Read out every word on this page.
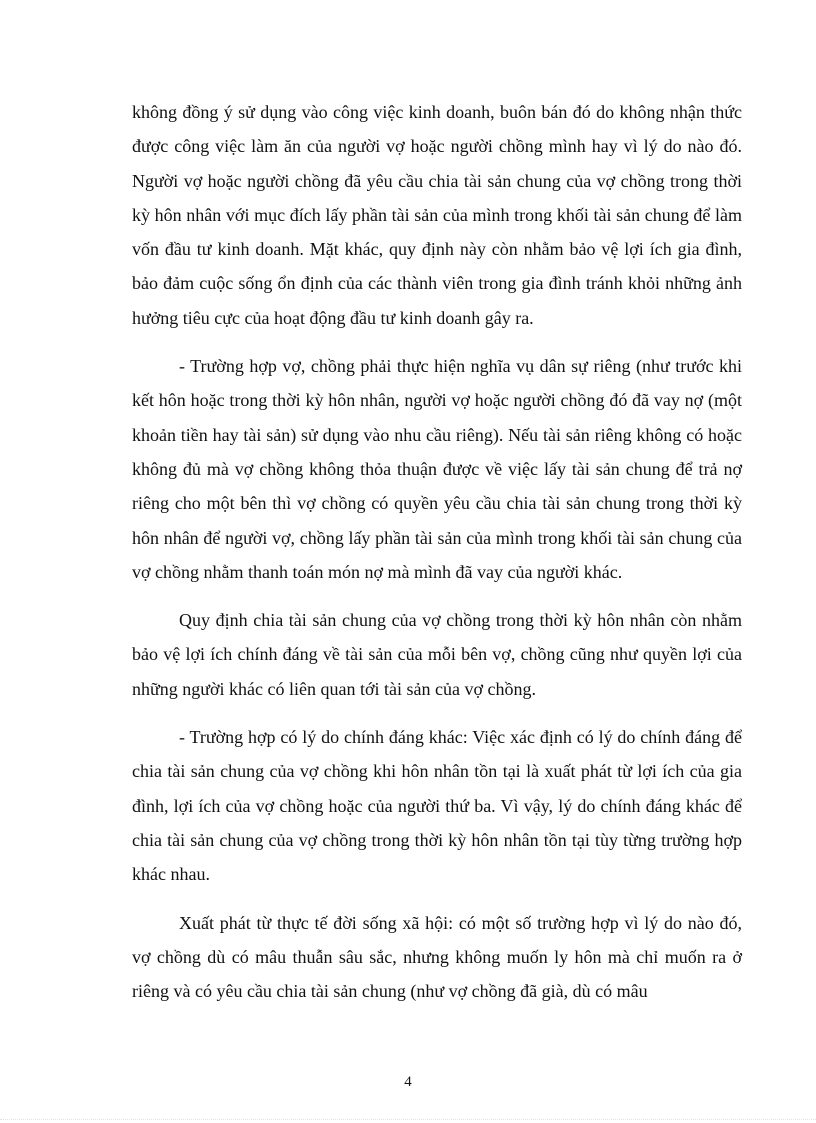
không đồng ý sử dụng vào công việc kinh doanh, buôn bán đó do không nhận thức được công việc làm ăn của người vợ hoặc người chồng mình hay vì lý do nào đó. Người vợ hoặc người chồng đã yêu cầu chia tài sản chung của vợ chồng trong thời kỳ hôn nhân với mục đích lấy phần tài sản của mình trong khối tài sản chung để làm vốn đầu tư kinh doanh. Mặt khác, quy định này còn nhằm bảo vệ lợi ích gia đình, bảo đảm cuộc sống ổn định của các thành viên trong gia đình tránh khỏi những ảnh hưởng tiêu cực của hoạt động đầu tư kinh doanh gây ra.

- Trường hợp vợ, chồng phải thực hiện nghĩa vụ dân sự riêng (như trước khi kết hôn hoặc trong thời kỳ hôn nhân, người vợ hoặc người chồng đó đã vay nợ (một khoản tiền hay tài sản) sử dụng vào nhu cầu riêng). Nếu tài sản riêng không có hoặc không đủ mà vợ chồng không thỏa thuận được về việc lấy tài sản chung để trả nợ riêng cho một bên thì vợ chồng có quyền yêu cầu chia tài sản chung trong thời kỳ hôn nhân để người vợ, chồng lấy phần tài sản của mình trong khối tài sản chung của vợ chồng nhằm thanh toán món nợ mà mình đã vay của người khác.

Quy định chia tài sản chung của vợ chồng trong thời kỳ hôn nhân còn nhằm bảo vệ lợi ích chính đáng về tài sản của mỗi bên vợ, chồng cũng như quyền lợi của những người khác có liên quan tới tài sản của vợ chồng.

- Trường hợp có lý do chính đáng khác: Việc xác định có lý do chính đáng để chia tài sản chung của vợ chồng khi hôn nhân tồn tại là xuất phát từ lợi ích của gia đình, lợi ích của vợ chồng hoặc của người thứ ba. Vì vậy, lý do chính đáng khác để chia tài sản chung của vợ chồng trong thời kỳ hôn nhân tồn tại tùy từng trường hợp khác nhau.

Xuất phát từ thực tế đời sống xã hội: có một số trường hợp vì lý do nào đó, vợ chồng dù có mâu thuẫn sâu sắc, nhưng không muốn ly hôn mà chỉ muốn ra ở riêng và có yêu cầu chia tài sản chung (như vợ chồng đã già, dù có mâu

4
